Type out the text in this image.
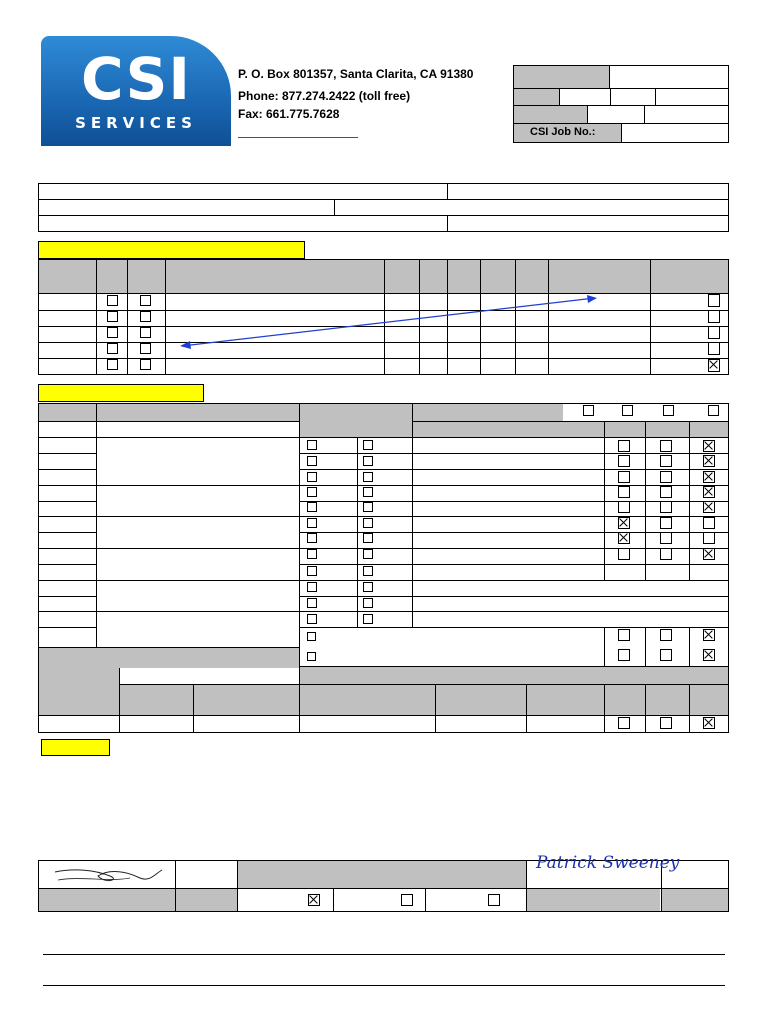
CSI
SERVICES
P. O. Box 801357, Santa Clarita, CA 91380
Phone: 877.274.2422 (toll free)
Fax: 661.775.7628
CSI Job No.:
Patrick Sweeney
